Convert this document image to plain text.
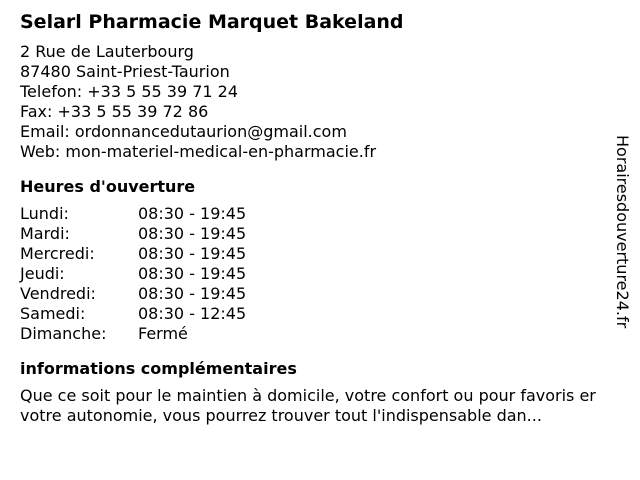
Selarl Pharmacie Marquet Bakeland
2 Rue de Lauterbourg
87480 Saint-Priest-Taurion
Telefon: +33 5 55 39 71 24
Fax: +33 5 55 39 72 86
Email: ordonnancedutaurion@gmail.com
Web: mon-materiel-medical-en-pharmacie.fr
Heures d'ouverture
Lundi:	08:30 - 19:45
Mardi:	08:30 - 19:45
Mercredi:	08:30 - 19:45
Jeudi:	08:30 - 19:45
Vendredi:	08:30 - 19:45
Samedi:	08:30 - 12:45
Dimanche:	Fermé
informations complémentaires
Que ce soit pour le maintien à domicile, votre confort ou pour favoris er votre autonomie, vous pourrez trouver tout l'indispensable dan...
Horairesdouverture24.fr
